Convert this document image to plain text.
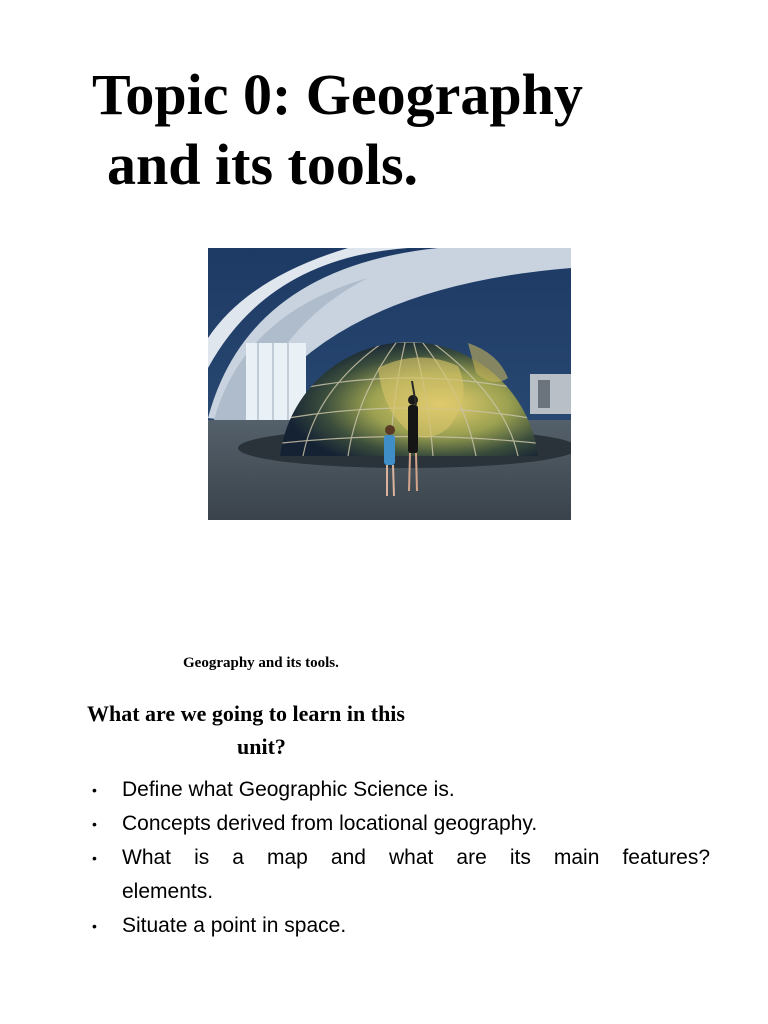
Topic 0: Geography
and its tools.

Geography and its tools.

What are we going to learn in this
unit?
• Define what Geographic Science is.
• Concepts derived from locational geography.
• What is a map and what are its main features?
elements.
• Situate a point in space.
